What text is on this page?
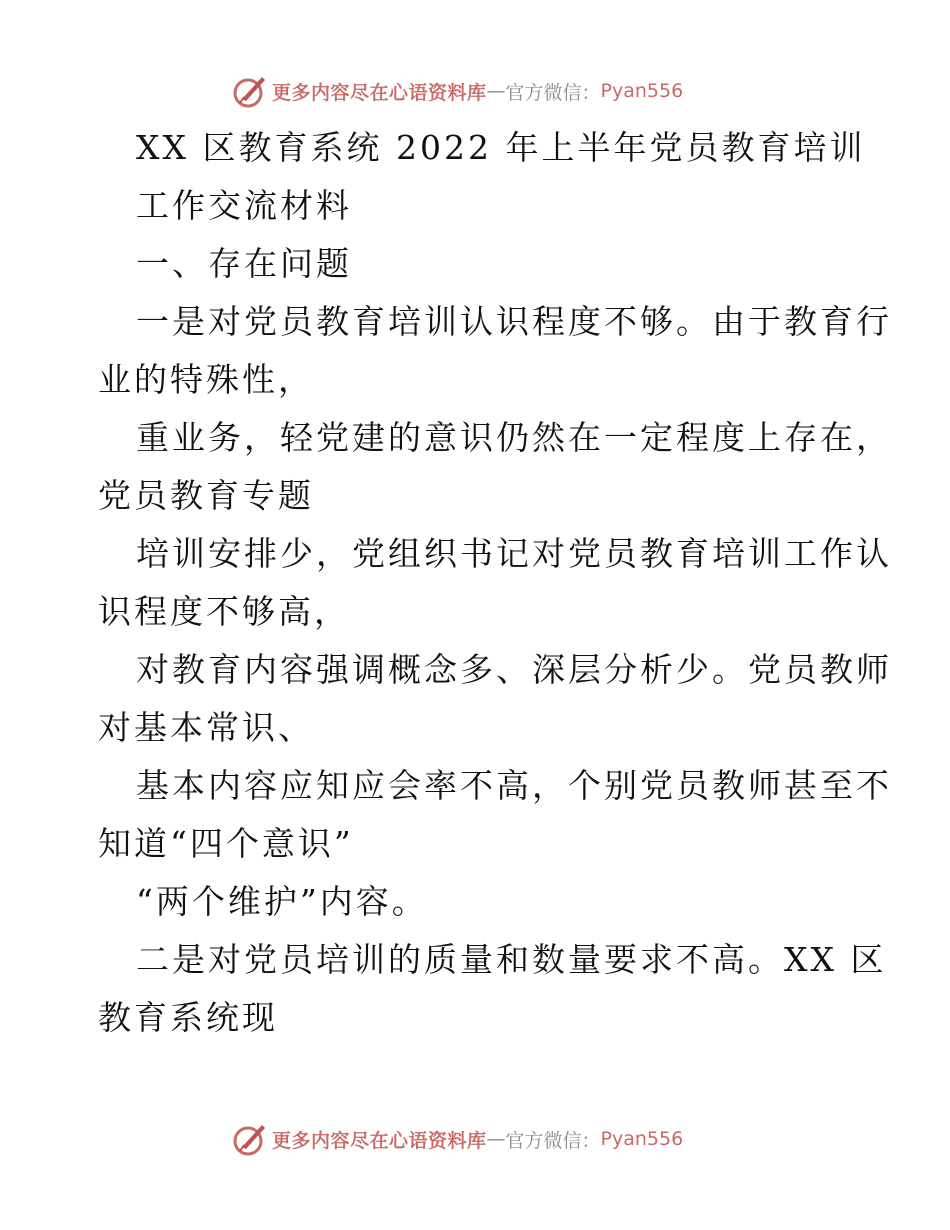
更多内容尽在心语资料库 — 官方微信： Pyan556
XX 区教育系统 2022 年上半年党员教育培训
工作交流材料
一、存在问题
一是对党员教育培训认识程度不够。由于教育行
业的特殊性，
重业务，轻党建的意识仍然在一定程度上存在，
党员教育专题
培训安排少，党组织书记对党员教育培训工作认
识程度不够高，
对教育内容强调概念多、深层分析少。党员教师
对基本常识、
基本内容应知应会率不高，个别党员教师甚至不
知道“四个意识”
“两个维护”内容。
二是对党员培训的质量和数量要求不高。XX 区
教育系统现
更多内容尽在心语资料库 — 官方微信： Pyan556
